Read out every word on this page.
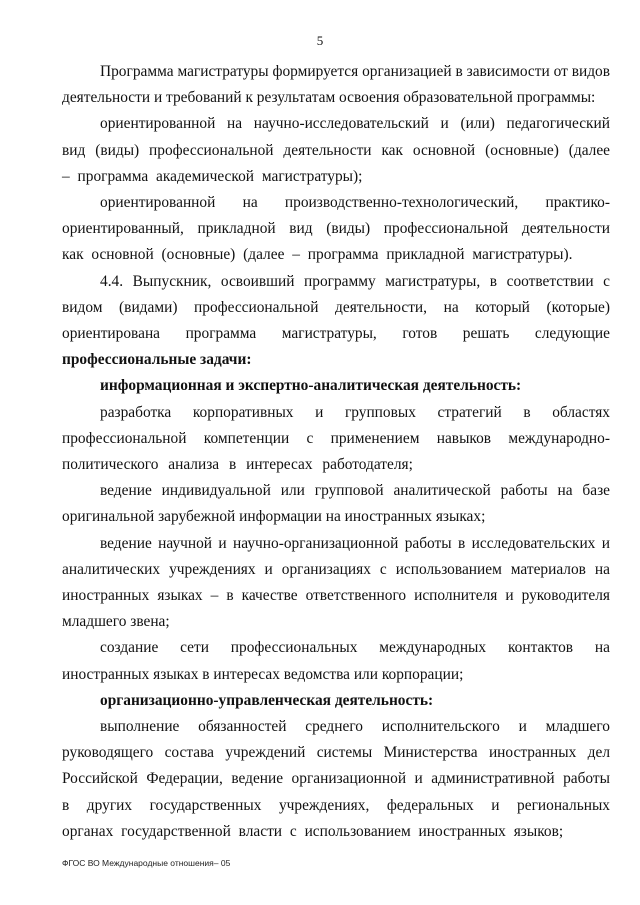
5

Программа магистратуры формируется организацией в зависимости от видов деятельности и требований к результатам освоения образовательной программы:

ориентированной на научно-исследовательский и (или) педагогический вид (виды) профессиональной деятельности как основной (основные) (далее – программа академической магистратуры);

ориентированной на производственно-технологический, практико-ориентированный, прикладной вид (виды) профессиональной деятельности как основной (основные) (далее – программа прикладной магистратуры).

4.4. Выпускник, освоивший программу магистратуры, в соответствии с видом (видами) профессиональной деятельности, на который (которые) ориентирована программа магистратуры, готов решать следующие профессиональные задачи:

информационная и экспертно-аналитическая деятельность:

разработка корпоративных и групповых стратегий в областях профессиональной компетенции с применением навыков международно-политического анализа в интересах работодателя;

ведение индивидуальной или групповой аналитической работы на базе оригинальной зарубежной информации на иностранных языках;

ведение научной и научно-организационной работы в исследовательских и аналитических учреждениях и организациях с использованием материалов на иностранных языках – в качестве ответственного исполнителя и руководителя младшего звена;

создание сети профессиональных международных контактов на иностранных языках в интересах ведомства или корпорации;

организационно-управленческая деятельность:

выполнение обязанностей среднего исполнительского и младшего руководящего состава учреждений системы Министерства иностранных дел Российской Федерации, ведение организационной и административной работы в других государственных учреждениях, федеральных и региональных органах государственной власти с использованием иностранных языков;

ФГОС ВО Международные отношения– 05
